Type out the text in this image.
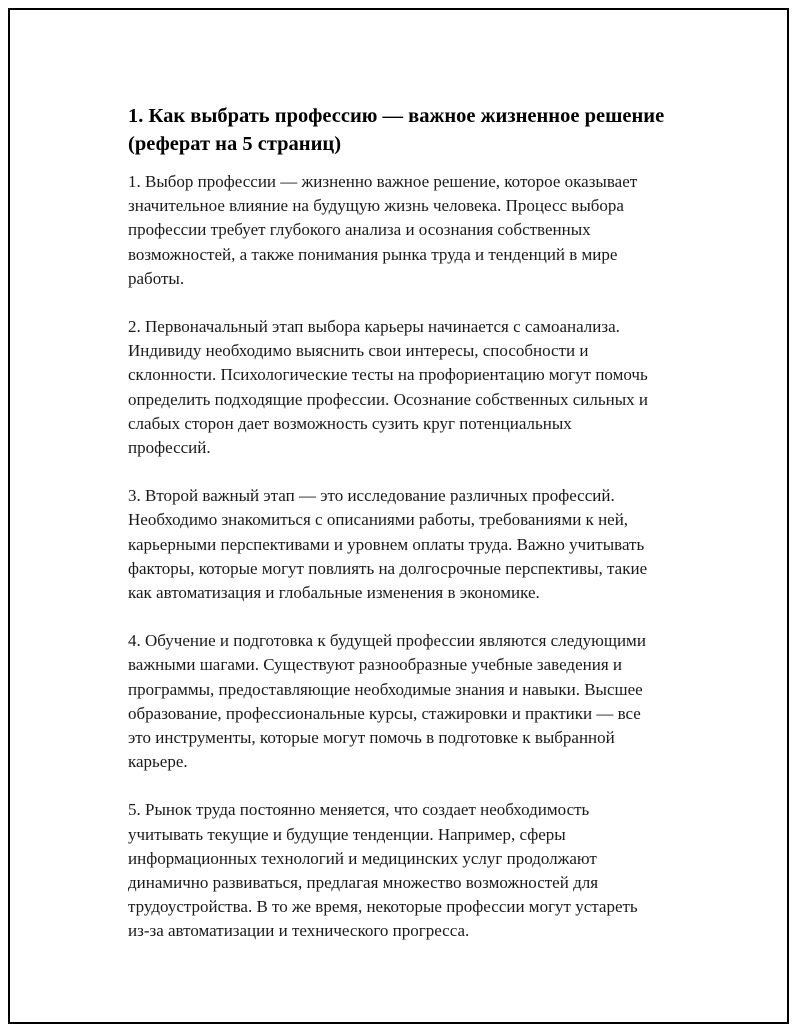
1. Как выбрать профессию — важное жизненное решение
(реферат на 5 страниц)

1. Выбор профессии — жизненно важное решение, которое оказывает
значительное влияние на будущую жизнь человека. Процесс выбора
профессии требует глубокого анализа и осознания собственных
возможностей, а также понимания рынка труда и тенденций в мире
работы.

2. Первоначальный этап выбора карьеры начинается с самоанализа.
Индивиду необходимо выяснить свои интересы, способности и
склонности. Психологические тесты на профориентацию могут помочь
определить подходящие профессии. Осознание собственных сильных и
слабых сторон дает возможность сузить круг потенциальных
профессий.

3. Второй важный этап — это исследование различных профессий.
Необходимо знакомиться с описаниями работы, требованиями к ней,
карьерными перспективами и уровнем оплаты труда. Важно учитывать
факторы, которые могут повлиять на долгосрочные перспективы, такие
как автоматизация и глобальные изменения в экономике.

4. Обучение и подготовка к будущей профессии являются следующими
важными шагами. Существуют разнообразные учебные заведения и
программы, предоставляющие необходимые знания и навыки. Высшее
образование, профессиональные курсы, стажировки и практики — все
это инструменты, которые могут помочь в подготовке к выбранной
карьере.

5. Рынок труда постоянно меняется, что создает необходимость
учитывать текущие и будущие тенденции. Например, сферы
информационных технологий и медицинских услуг продолжают
динамично развиваться, предлагая множество возможностей для
трудоустройства. В то же время, некоторые профессии могут устареть
из-за автоматизации и технического прогресса.
